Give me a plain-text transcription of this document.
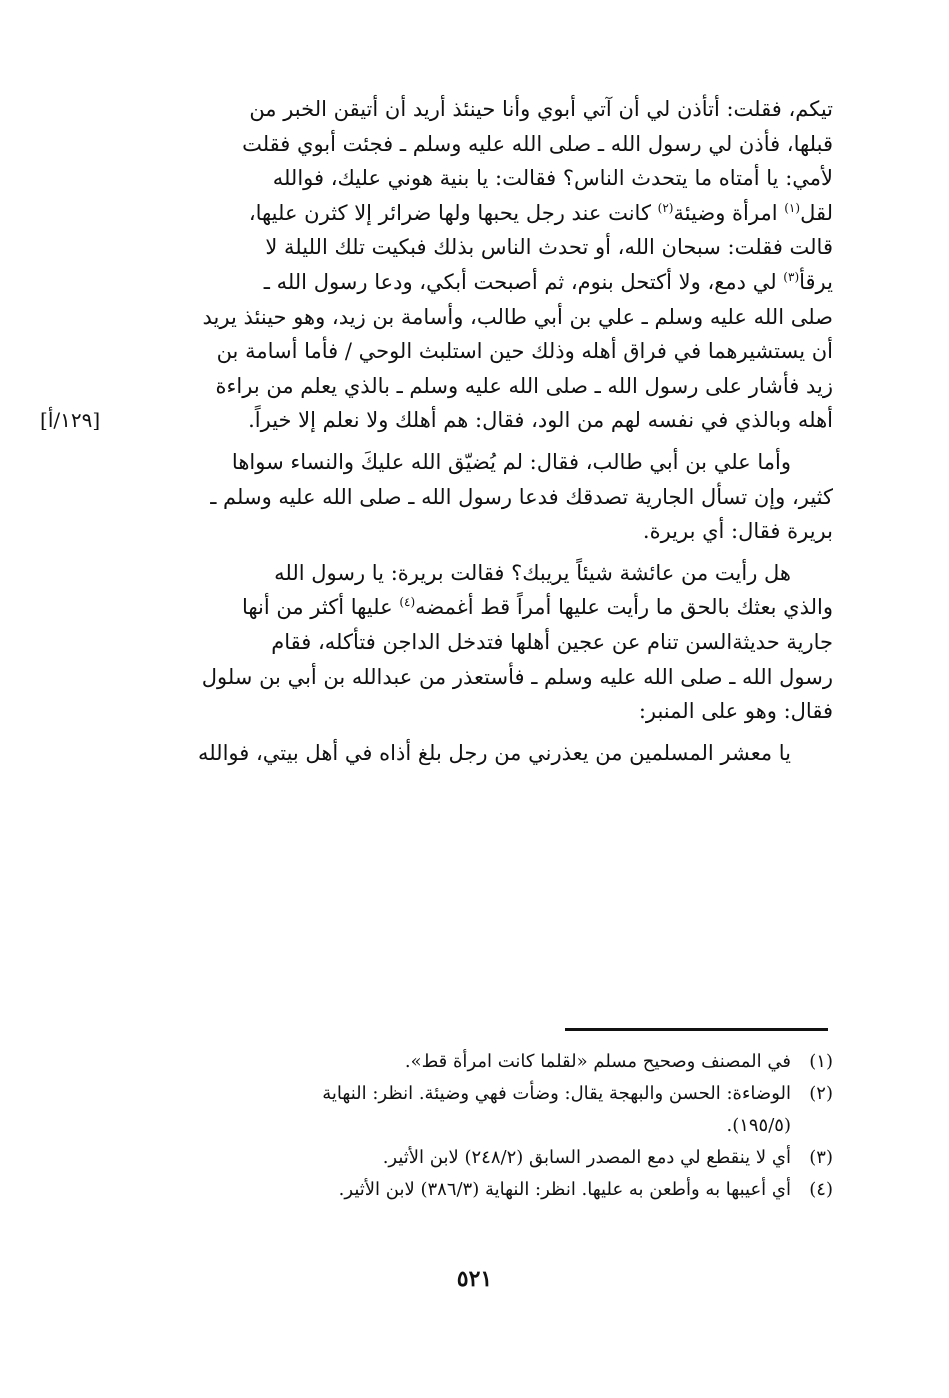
تيكم، فقلت: أتأذن لي أن آتي أبوي وأنا حينئذ أريد أن أتيقن الخبر من
قبلها، فأذن لي رسول الله ـ صلى الله عليه وسلم ـ فجئت أبوي فقلت
لأمي: يا أمتاه ما يتحدث الناس؟ فقالت: يا بنية هوني عليك، فوالله
لقل$^{(١)}$ امرأة وضيئة$^{(٢)}$ كانت عند رجل يحبها ولها ضرائر إلا كثرن عليها،
قالت فقلت: سبحان الله، أو تحدث الناس بذلك فبكيت تلك الليلة لا
يرقأ$^{(٣)}$ لي دمع، ولا أكتحل بنوم، ثم أصبحت أبكي، ودعا رسول الله ـ
صلى الله عليه وسلم ـ علي بن أبي طالب، وأسامة بن زيد، وهو حينئذ يريد
أن يستشيرهما في فراق أهله وذلك حين استلبث الوحي / فأما أسامة بن
زيد فأشار على رسول الله ـ صلى الله عليه وسلم ـ بالذي يعلم من براءة
أهله وبالذي في نفسه لهم من الود، فقال: هم أهلك ولا نعلم إلا خيراً.
وأما علي بن أبي طالب، فقال: لم يُضيّق الله عليكَ والنساء سواها
كثير، وإن تسأل الجارية تصدقك فدعا رسول الله ـ صلى الله عليه وسلم ـ
بريرة فقال: أي بريرة.
هل رأيت من عائشة شيئاً يريبك؟ فقالت بريرة: يا رسول الله
والذي بعثك بالحق ما رأيت عليها أمراً قط أغمضه$^{(٤)}$ عليها أكثر من أنها
جارية حديثةالسن تنام عن عجين أهلها فتدخل الداجن فتأكله، فقام
رسول الله ـ صلى الله عليه وسلم ـ فأستعذر من عبدالله بن أبي بن سلول
فقال: وهو على المنبر:
يا معشر المسلمين من يعذرني من رجل بلغ أذاه في أهل بيتي، فوالله
[١٢٩/أ]
(١)
في المصنف وصحيح مسلم «لقلما كانت امرأة قط».
(٢)
الوضاءة: الحسن والبهجة يقال: وضأت فهي وضيئة. انظر: النهاية
(١٩٥/٥).
(٣)
أي لا ينقطع لي دمع المصدر السابق (٢٤٨/٢) لابن الأثير.
(٤)
أي أعيبها به وأطعن به عليها. انظر: النهاية (٣٨٦/٣) لابن الأثير.
٥٢١
